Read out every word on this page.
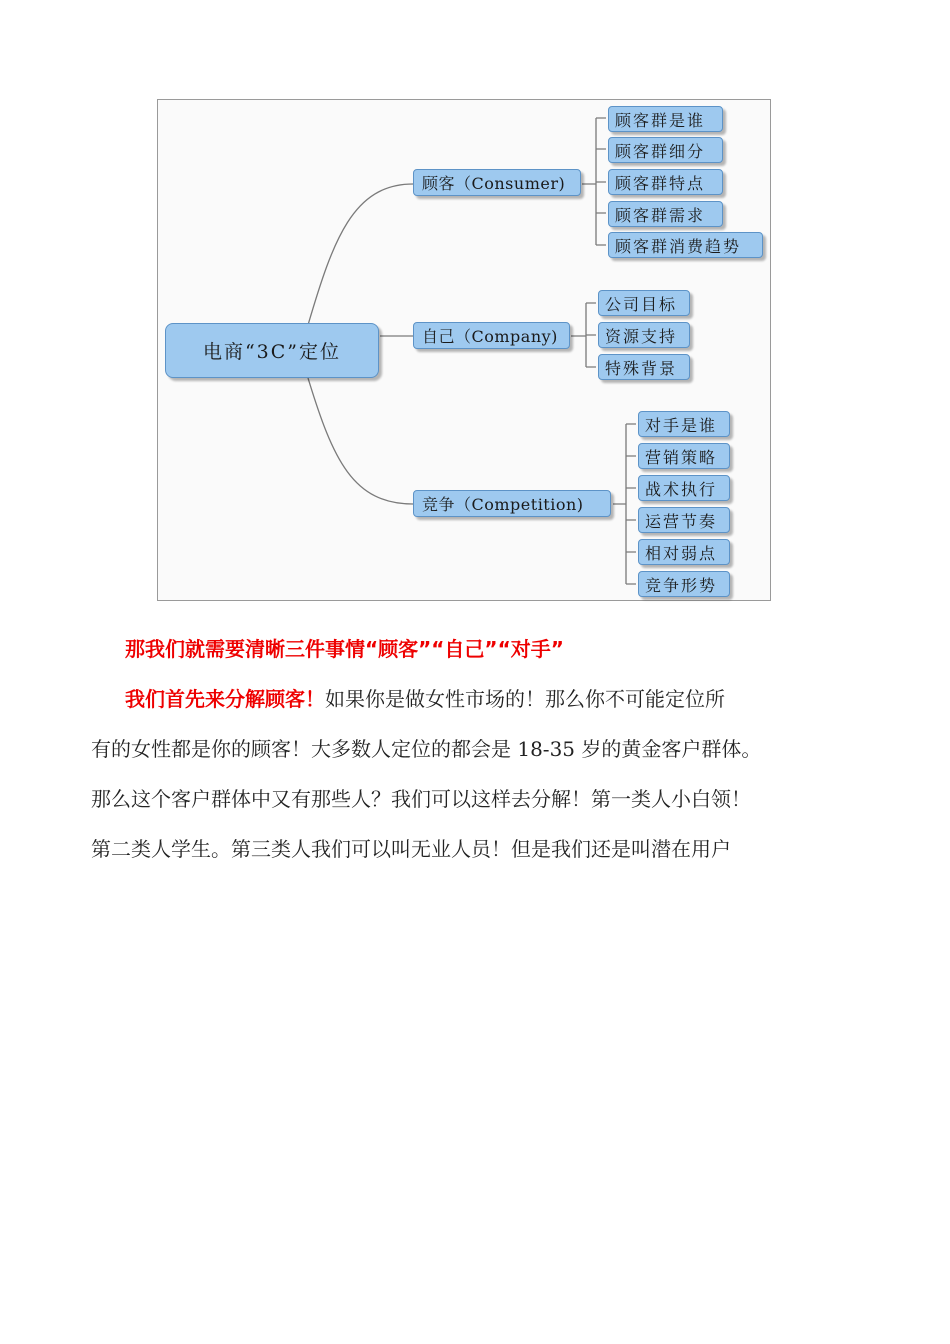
电商“3C”定位
顾客（Consumer)
自己（Company)
竞争（Competition)
顾客群是谁
顾客群细分
顾客群特点
顾客群需求
顾客群消费趋势
公司目标
资源支持
特殊背景
对手是谁
营销策略
战术执行
运营节奏
相对弱点
竞争形势
那我们就需要清晰三件事情“顾客”“自己”“对手”
我们首先来分解顾客！如果你是做女性市场的！那么你不可能定位所
有的女性都是你的顾客！大多数人定位的都会是 18-35 岁的黄金客户群体。
那么这个客户群体中又有那些人？我们可以这样去分解！第一类人小白领！
第二类人学生。第三类人我们可以叫无业人员！但是我们还是叫潜在用户
